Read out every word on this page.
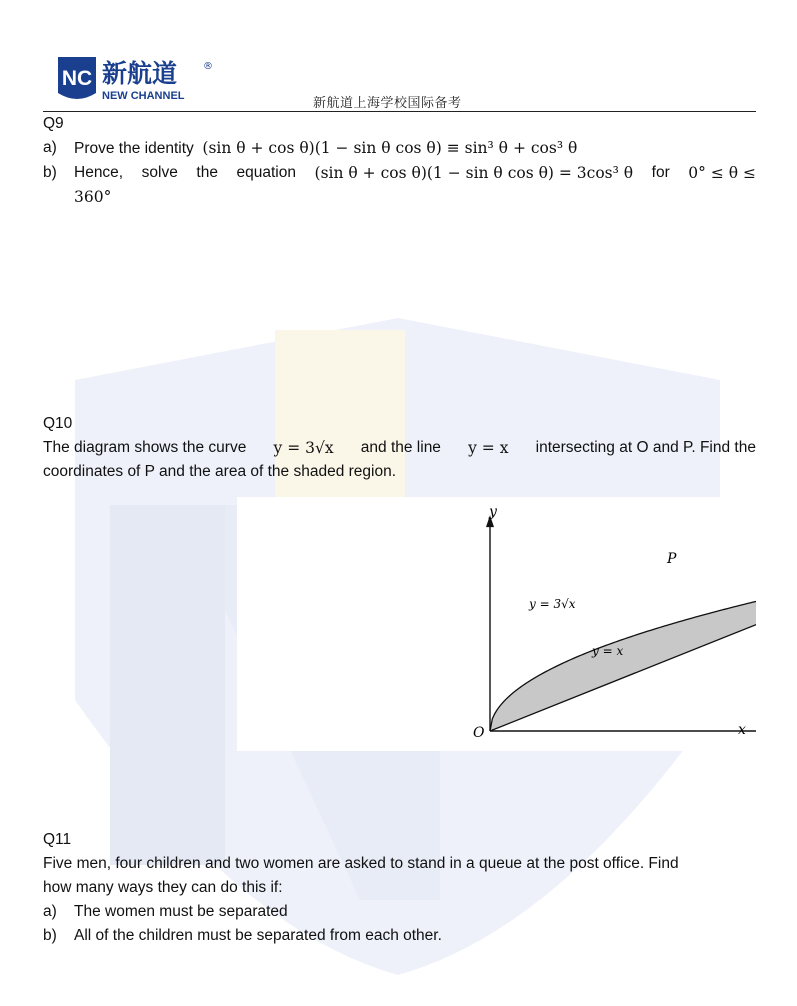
NC 新航道	®
NEW CHANNEL	新航道上海学校国际备考
Q9
a)	Prove the identity (sin θ + cos θ)(1 − sin θ cos θ) ≡ sin³ θ + cos³ θ
b)	Hence, solve the equation (sin θ + cos θ)(1 − sin θ cos θ) = 3cos³ θ for 0° ≤ θ ≤
360°
Q10
The diagram shows the curve y = 3√x and the line y = x intersecting at O and P. Find the
coordinates of P and the area of the shaded region.
y
x
O
P
y = 3√x
y = x
Q11
Five men, four children and two women are asked to stand in a queue at the post office. Find
how many ways they can do this if:
a)	The women must be separated
b)	All of the children must be separated from each other.
